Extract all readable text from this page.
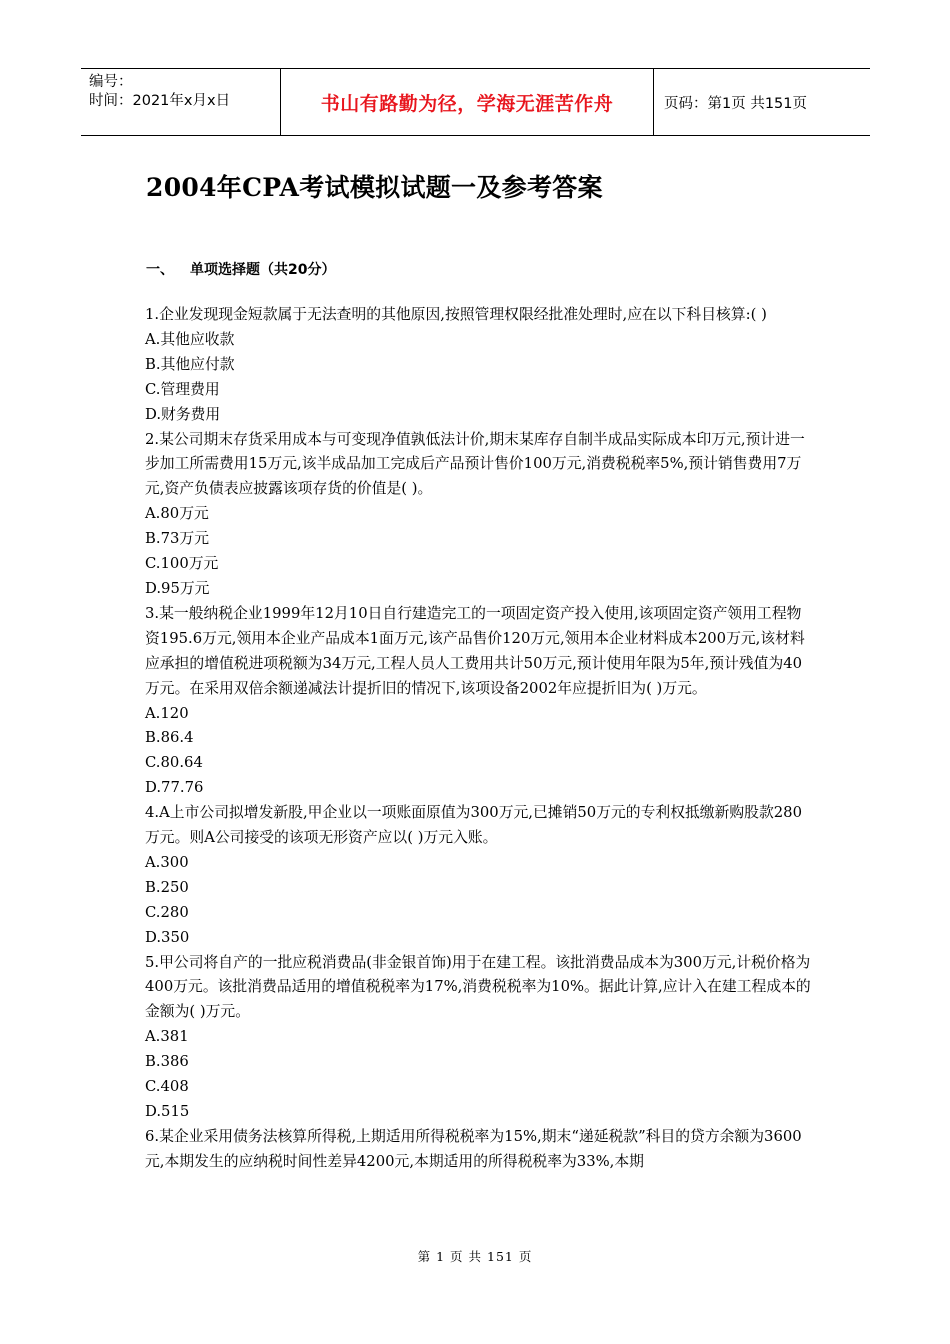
编号：
时间：2021年x月x日	书山有路勤为径，学海无涯苦作舟	页码：第1页 共151页
2004年CPA考试模拟试题一及参考答案
一、 单项选择题（共20分）

1.企业发现现金短款属于无法查明的其他原因,按照管理权限经批准处理时,应在以下科目核算:( )

A.其他应收款

B.其他应付款

C.管理费用

D.财务费用

2.某公司期末存货采用成本与可变现净值孰低法计价,期末某库存自制半成品实际成本印万元,预计进一步加工所需费用15万元,该半成品加工完成后产品预计售价100万元,消费税税率5%,预计销售费用7万元,资产负债表应披露该项存货的价值是( )。

A.80万元

B.73万元

C.100万元

D.95万元

3.某一般纳税企业1999年12月10日自行建造完工的一项固定资产投入使用,该项固定资产领用工程物资195.6万元,领用本企业产品成本1面万元,该产品售价120万元,领用本企业材料成本200万元,该材料应承担的增值税进项税额为34万元,工程人员人工费用共计50万元,预计使用年限为5年,预计残值为40万元。在采用双倍余额递减法计提折旧的情况下,该项设备2002年应提折旧为( )万元。

A.120

B.86.4

C.80.64

D.77.76

4.A上市公司拟增发新股,甲企业以一项账面原值为300万元,已摊销50万元的专利权抵缴新购股款280万元。则A公司接受的该项无形资产应以( )万元入账。

A.300

B.250

C.280

D.350

5.甲公司将自产的一批应税消费品(非金银首饰)用于在建工程。该批消费品成本为300万元,计税价格为400万元。该批消费品适用的增值税税率为17%,消费税税率为10%。据此计算,应计入在建工程成本的金额为( )万元。

A.381

B.386

C.408

D.515

6.某企业采用债务法核算所得税,上期适用所得税税率为15%,期末“递延税款”科目的贷方余额为3600元,本期发生的应纳税时间性差异4200元,本期适用的所得税税率为33%,本期

第 1 页 共 151 页
